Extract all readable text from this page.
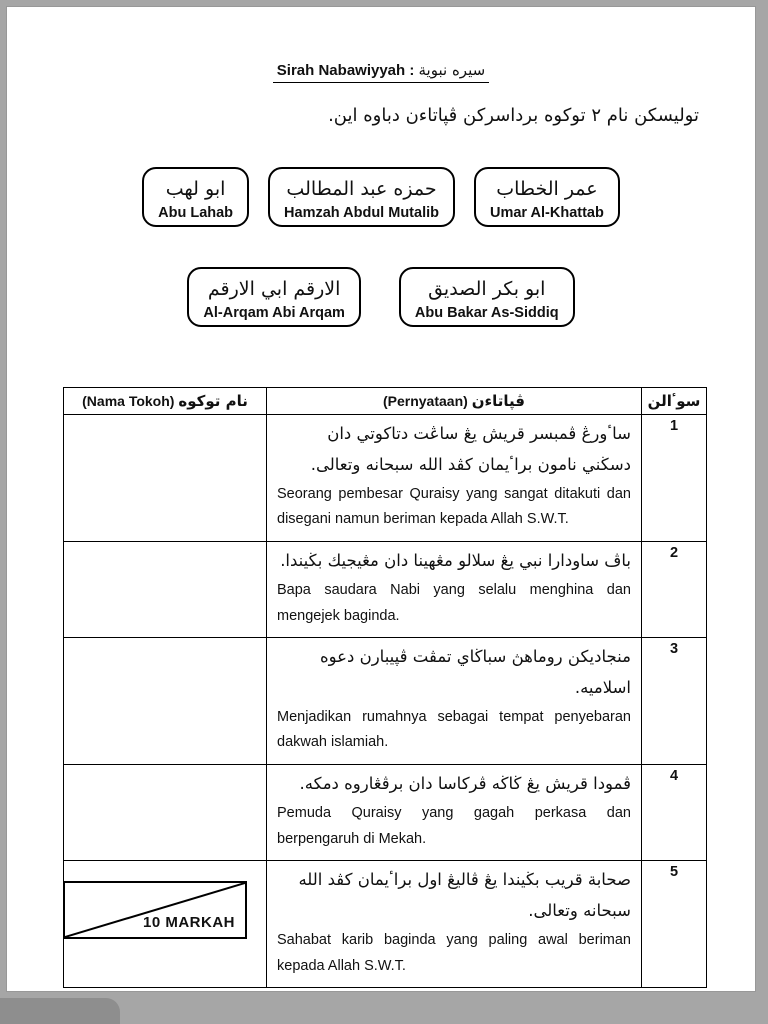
Sirah Nabawiyyah : سيره نبوية
توليسكن نام ٢ توكوه برداسركن ڤڽاتاءن دباوه اين.
ابو لهب
Abu Lahab
حمزه عبد المطالب
Hamzah Abdul Mutalib
عمر الخطاب
Umar Al-Khattab
الارقم ابي الارقم
Al-Arqam Abi Arqam
ابو بكر الصديق
Abu Bakar As-Siddiq
(Nama Tokoh) نام توكوه	(Pernyataan) ڤڽاتاءن	سوٴالن

	ساٴورڠ ڤمبسر قريش يڠ ساڠت دتاكوتي دان دسڬني نامون براٴيمان كڤد الله سبحانه وتعالى.
Seorang pembesar Quraisy yang sangat ditakuti dan disegani namun beriman kepada Allah S.W.T.	1

	باڤ ساودارا نبي يڠ سلالو مڠهينا دان مڠيجيك بڬيندا.
Bapa saudara Nabi yang selalu menghina dan mengejek baginda.	2

	منجاديكن روماهڽ سباڬاي تمڤت ڤڽيبارن دعوه اسلاميه.
Menjadikan rumahnya sebagai tempat penyebaran dakwah islamiah.	3

	ڤمودا قريش يڠ ڬاڬه ڤركاسا دان برڤڠاروه دمكه.
Pemuda Quraisy yang gagah perkasa dan berpengaruh di Mekah.	4

	صحابة قريب بڬيندا يڠ ڤاليڠ اول براٴيمان كڤد الله سبحانه وتعالى.
Sahabat karib baginda yang paling awal beriman kepada Allah S.W.T.	5
10 MARKAH
